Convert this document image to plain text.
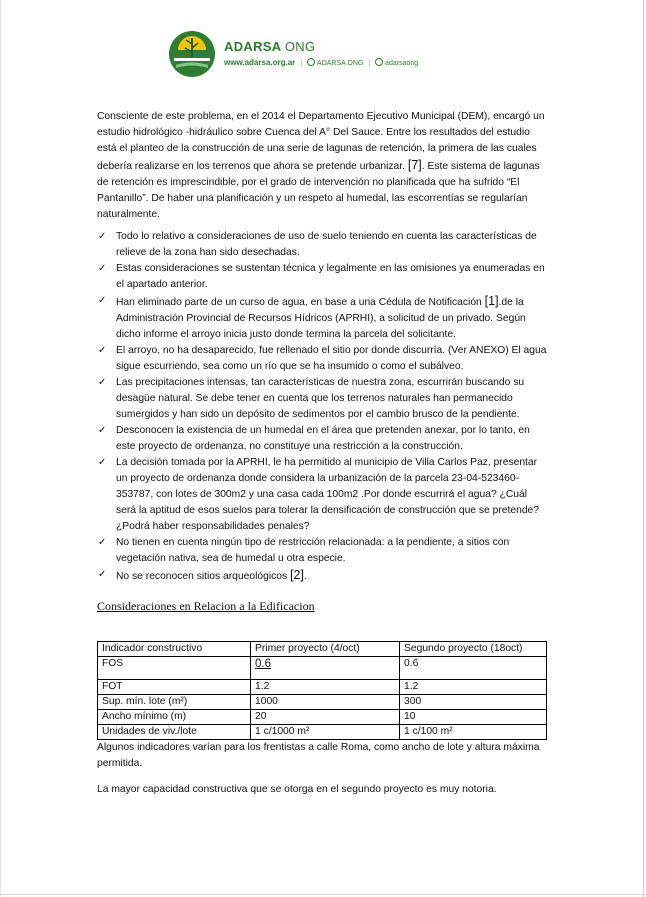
ADARSA ONG
www.adarsa.org.ar | ADARSA ONG | adarsaong

Consciente de este problema, en el 2014 el Departamento Ejecutivo Municipal (DEM), encargó un estudio hidrológico -hidráulico sobre Cuenca del A° Del Sauce. Entre los resultados del estudio está el planteo de la construcción de una serie de lagunas de retención, la primera de las cuales debería realizarse en los terrenos que ahora se pretende urbanizar. [7]. Este sistema de lagunas de retención es imprescindible, por el grado de intervención no planificada que ha sufrido “El Pantanillo”. De haber una planificación y un respeto al humedal, las escorrentías se regularían naturalmente.

✓ Todo lo relativo a consideraciones de uso de suelo teniendo en cuenta las características de relieve de la zona han sido desechadas.
✓ Estas consideraciones se sustentan técnica y legalmente en las omisiones ya enumeradas en el apartado anterior.
✓ Han eliminado parte de un curso de agua, en base a una Cédula de Notificación [1].de la Administración Provincial de Recursos Hídricos (APRHI), a solicitud de un privado. Según dicho informe el arroyo inicia justo donde termina la parcela del solicitante.
✓ El arroyo, no ha desaparecido, fue rellenado el sitio por donde discurría. (Ver ANEXO) El agua sigue escurriendo, sea como un río que se ha insumido o como el subálveo.
✓ Las precipitaciones intensas, tan características de nuestra zona, escurrirán buscando su desagüe natural. Se debe tener en cuenta que los terrenos naturales han permanecido sumergidos y han sido un depósito de sedimentos por el cambio brusco de la pendiente.
✓ Desconocen la existencia de un humedal en el área que pretenden anexar, por lo tanto, en este proyecto de ordenanza, no constituye una restricción a la construcción.
✓ La decisión tomada por la APRHI, le ha permitido al municipio de Villa Carlos Paz, presentar un proyecto de ordenanza donde considera la urbanización de la parcela 23-04-523460-353787, con lotes de 300m2 y una casa cada 100m2 .Por donde escurrirá el agua? ¿Cuál será la aptitud de esos suelos para tolerar la densificación de construcción que se pretende? ¿Podrá haber responsabilidades penales?
✓ No tienen en cuenta ningún tipo de restricción relacionada: a la pendiente, a sitios con vegetación nativa, sea de humedal u otra especie.
✓ No se reconocen sitios arqueológicos [2].
Consideraciones en Relacion a la Edificacion
Indicador constructivo	Primer proyecto (4/oct)	Segundo proyecto (18oct)
FOS	0.6	0.6
FOT	1.2	1.2
Sup. mín. lote (m²)	1000	300
Ancho mínimo (m)	20	10
Unidades de viv./lote	1 c/1000 m²	1 c/100 m²

Algunos indicadores varían para los frentistas a calle Roma, como ancho de lote y altura máxima permitida.

La mayor capacidad constructiva que se otorga en el segundo proyecto es muy notoria.
